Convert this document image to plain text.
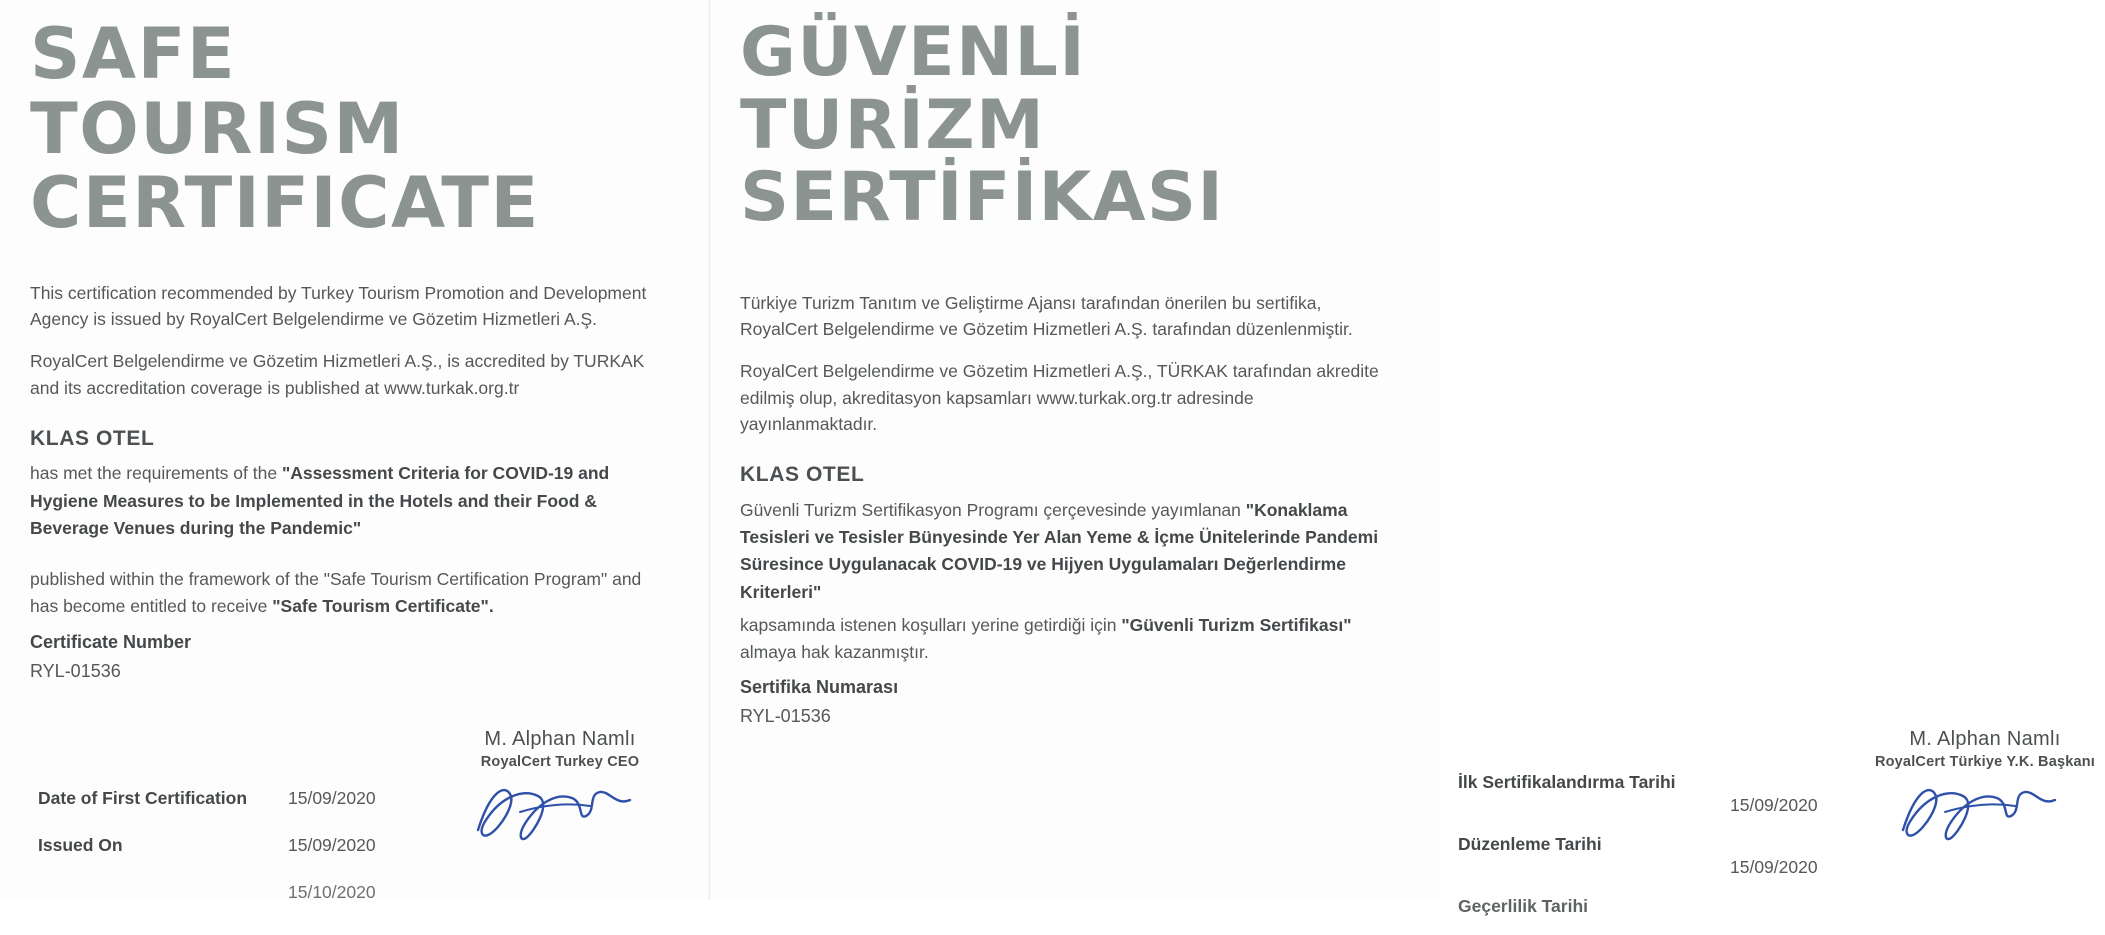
SAFE
TOURISM
CERTIFICATE

This certification recommended by Turkey Tourism Promotion and Development Agency is issued by RoyalCert Belgelendirme ve Gözetim Hizmetleri A.Ş.

RoyalCert Belgelendirme ve Gözetim Hizmetleri A.Ş., is accredited by TURKAK and its accreditation coverage is published at www.turkak.org.tr

KLAS OTEL

has met the requirements of the "Assessment Criteria for COVID-19 and Hygiene Measures to be Implemented in the Hotels and their Food & Beverage Venues during the Pandemic"

published within the framework of the "Safe Tourism Certification Program" and has become entitled to receive "Safe Tourism Certificate".

Certificate Number
RYL-01536
M. Alphan Namlı
RoyalCert Turkey CEO
Date of First Certification	15/09/2020
Issued On	15/09/2020
15/10/2020
GÜVENLİ
TURİZM
SERTİFİKASI

Türkiye Turizm Tanıtım ve Geliştirme Ajansı tarafından önerilen bu sertifika, RoyalCert Belgelendirme ve Gözetim Hizmetleri A.Ş. tarafından düzenlenmiştir.

RoyalCert Belgelendirme ve Gözetim Hizmetleri A.Ş., TÜRKAK tarafından akredite edilmiş olup, akreditasyon kapsamları www.turkak.org.tr adresinde yayınlanmaktadır.

KLAS OTEL

Güvenli Turizm Sertifikasyon Programı çerçevesinde yayımlanan "Konaklama Tesisleri ve Tesisler Bünyesinde Yer Alan Yeme & İçme Ünitelerinde Pandemi Süresince Uygulanacak COVID-19 ve Hijyen Uygulamaları Değerlendirme Kriterleri"

kapsamında istenen koşulları yerine getirdiği için "Güvenli Turizm Sertifikası" almaya hak kazanmıştır.

Sertifika Numarası
RYL-01536
M. Alphan Namlı
RoyalCert Türkiye Y.K. Başkanı
İlk Sertifikalandırma Tarihi
15/09/2020
Düzenleme Tarihi
15/09/2020
Geçerlilik Tarihi
